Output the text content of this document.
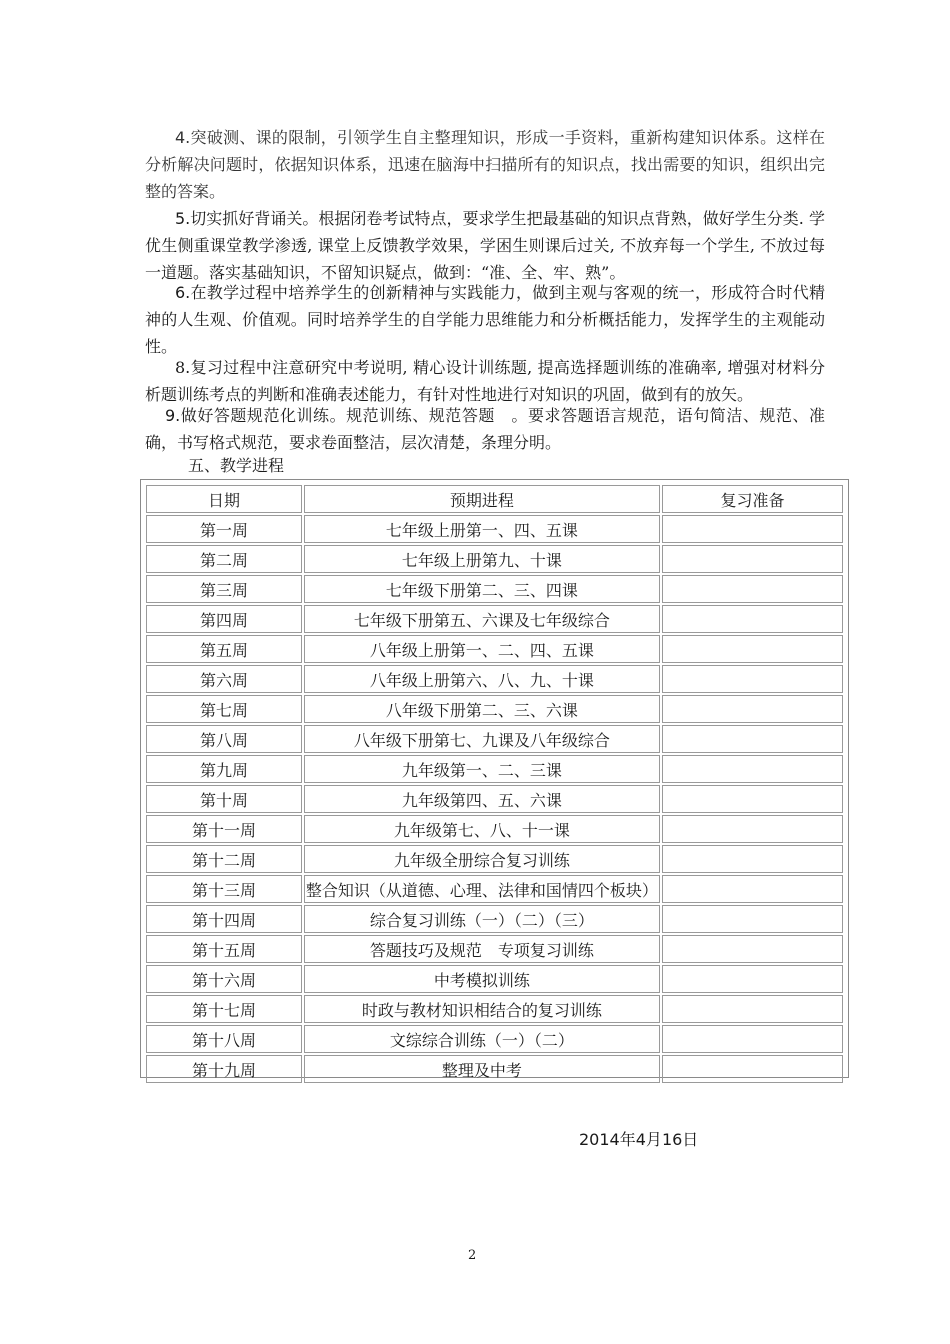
4.突破测、课的限制，引领学生自主整理知识，形成一手资料，重新构建知识体系。这样在分析解决问题时，依据知识体系，迅速在脑海中扫描所有的知识点，找出需要的知识，组织出完整的答案。

5.切实抓好背诵关。根据闭卷考试特点，要求学生把最基础的知识点背熟，做好学生分类. 学优生侧重课堂教学渗透, 课堂上反馈教学效果，学困生则课后过关, 不放弃每一个学生, 不放过每一道题。落实基础知识，不留知识疑点，做到：“准、全、牢、熟”。

6.在教学过程中培养学生的创新精神与实践能力，做到主观与客观的统一，形成符合时代精神的人生观、价值观。同时培养学生的自学能力思维能力和分析概括能力，发挥学生的主观能动性。

8.复习过程中注意研究中考说明, 精心设计训练题, 提高选择题训练的准确率, 增强对材料分析题训练考点的判断和准确表述能力，有针对性地进行对知识的巩固，做到有的放矢。

9.做好答题规范化训练。规范训练、规范答题　。要求答题语言规范，语句简洁、规范、准确，书写格式规范，要求卷面整洁，层次清楚，条理分明。

五、教学进程
日期	预期进程	复习准备
第一周	七年级上册第一、四、五课	
第二周	七年级上册第九、十课	
第三周	七年级下册第二、三、四课	
第四周	七年级下册第五、六课及七年级综合	
第五周	八年级上册第一、二、四、五课	
第六周	八年级上册第六、八、九、十课	
第七周	八年级下册第二、三、六课	
第八周	八年级下册第七、九课及八年级综合	
第九周	九年级第一、二、三课	
第十周	九年级第四、五、六课	
第十一周	九年级第七、八、十一课	
第十二周	九年级全册综合复习训练	
第十三周	整合知识（从道德、心理、法律和国情四个板块）	
第十四周	综合复习训练（一）（二）（三）	
第十五周	答题技巧及规范　专项复习训练	
第十六周	中考模拟训练	
第十七周	时政与教材知识相结合的复习训练	
第十八周	文综综合训练（一）（二）	
第十九周	整理及中考	
2014年4月16日
2
